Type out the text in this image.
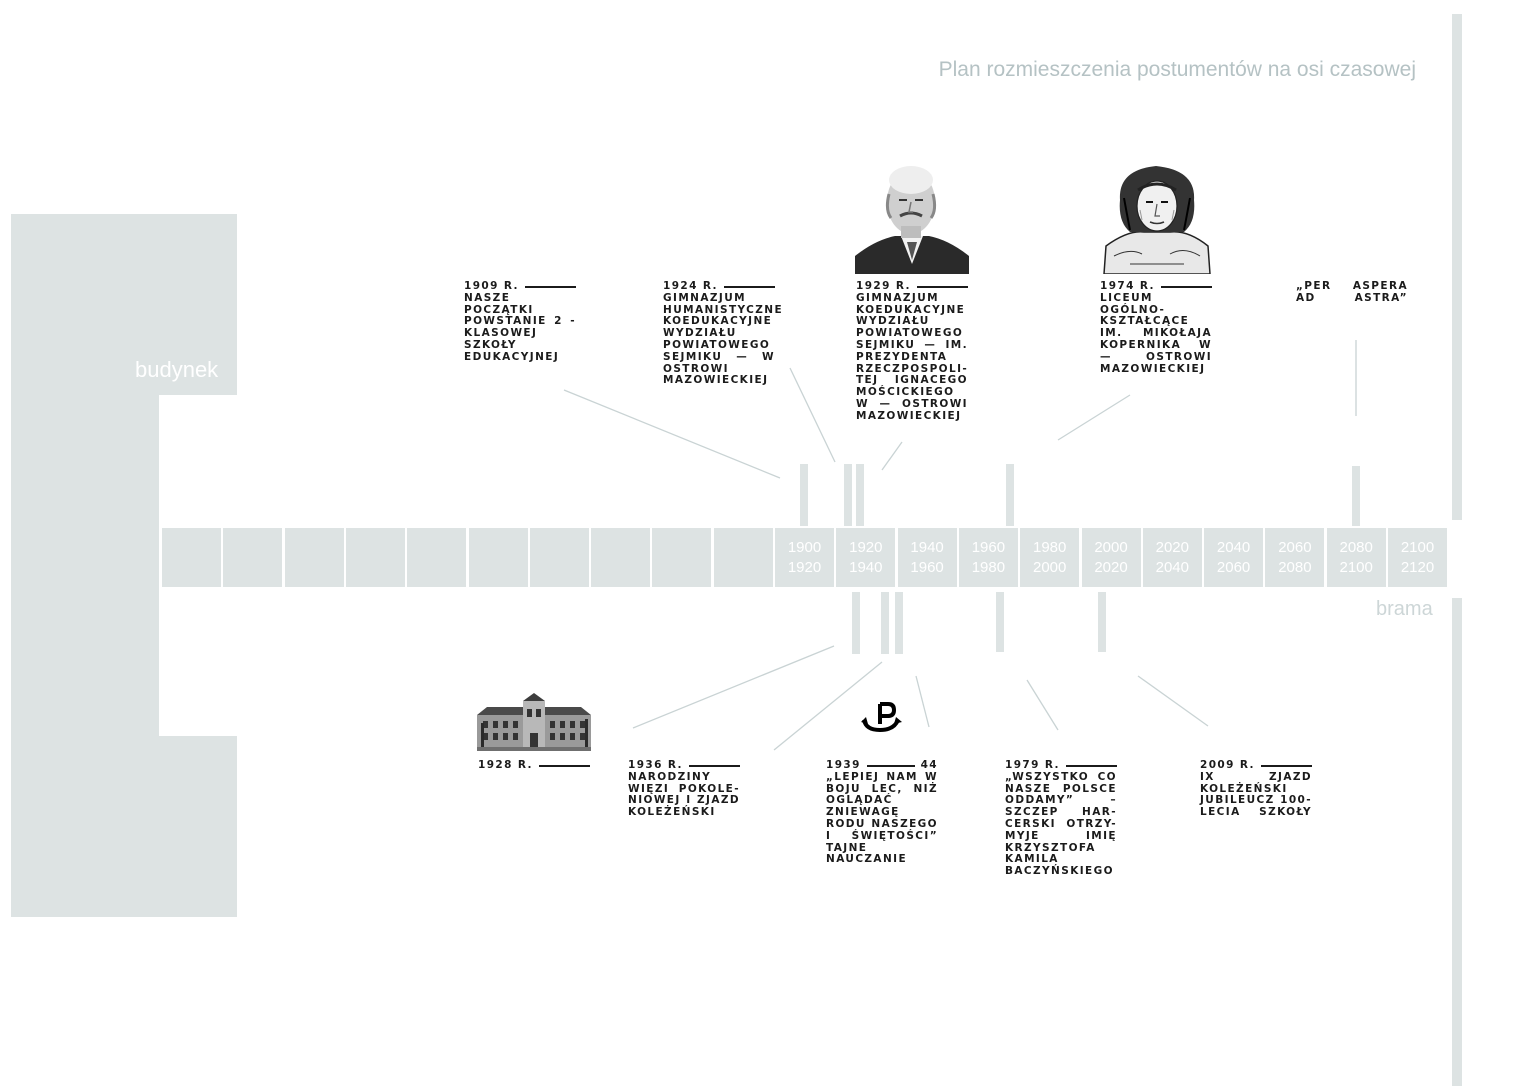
Plan rozmieszczenia postumentów na osi czasowej
budynek
brama
1900
1920
1920
1940
1940
1960
1960
1980
1980
2000
2000
2020
2020
2040
2040
2060
2060
2080
2080
2100
2100
2120
1909 R.
NASZE POCZĄTKI POWSTANIE 2 - KLASOWEJ SZKOŁY EDUKACYJNEJ
1924 R.
GIMNAZJUM HUMANISTYCZNE KOEDUKACYJNE WYDZIAŁU POWIATOWEGO SEJMIKU — W OSTROWI MAZOWIECKIEJ
1929 R.
GIMNAZJUM KOEDUKACYJNE WYDZIAŁU POWIATOWEGO SEJMIKU — IM. PREZYDENTA RZECZPOSPOLI-TEJ IGNACEGO MOŚCICKIEGO W — OSTROWI MAZOWIECKIEJ
1974 R.
LICEUM OGÓLNO-KSZTAŁCĄCE IM. MIKOŁAJA KOPERNIKA W — OSTROWI MAZOWIECKIEJ
„PER ASPERA AD ASTRA”
1928 R.	1936 R.
NARODZINY WIĘZI POKOLE-NIOWEJ I ZJAZD KOLEŻEŃSKI
1939	44
„LEPIEJ NAM W BOJU LEC, NIŻ OGLĄDAĆ ZNIEWAGĘ RODU NASZEGO I ŚWIĘTOŚCI” TAJNE NAUCZANIE
1979 R.
„WSZYSTKO CO NASZE POLSCE ODDAMY” – SZCZEP HAR-CERSKI OTRZY-MYJE IMIĘ KRZYSZTOFA KAMILA BACZYŃSKIEGO
2009 R.
IX ZJAZD KOLEŻEŃSKI JUBILEUCZ 100-LECIA SZKOŁY
